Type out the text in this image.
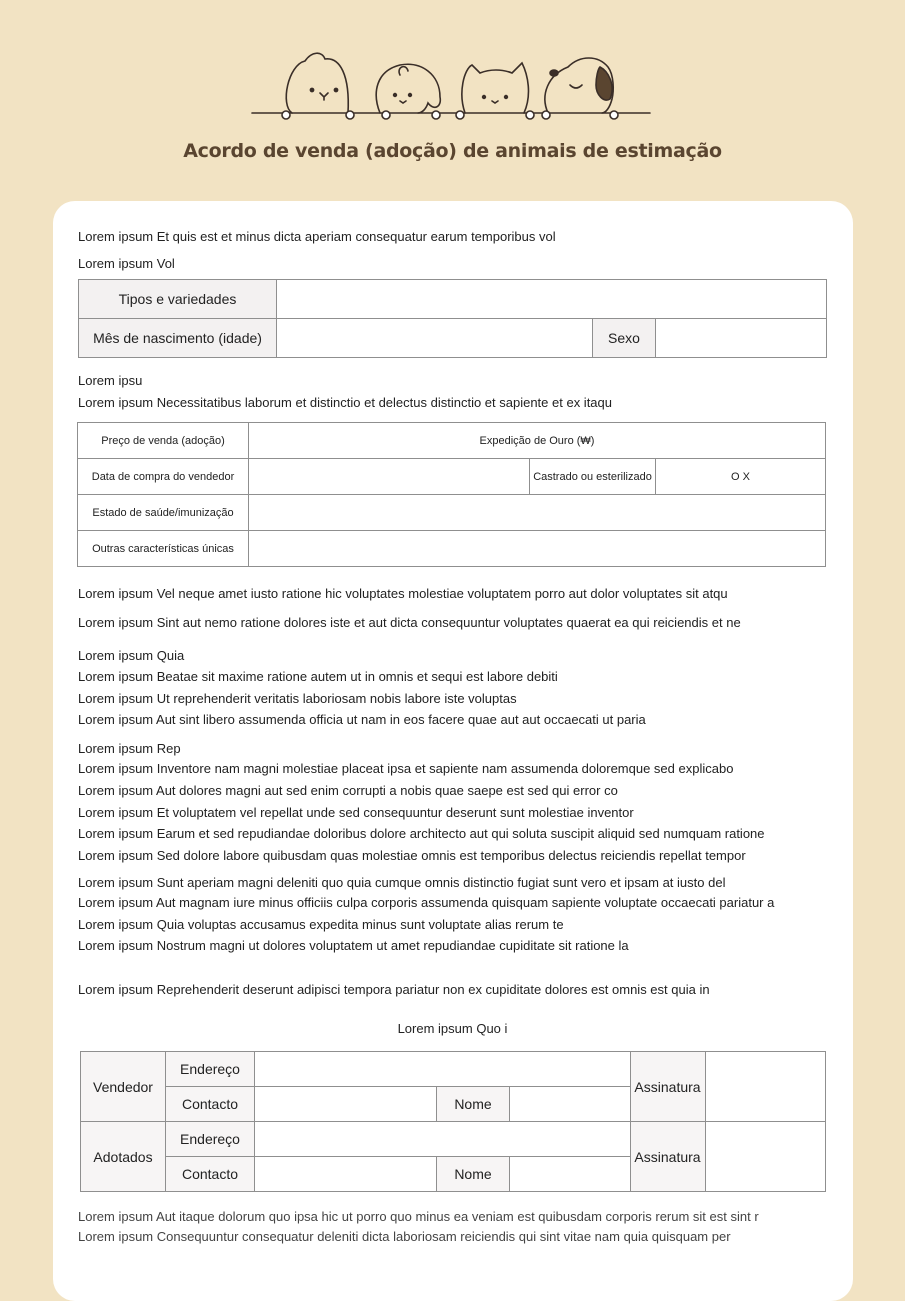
Acordo de venda (adoção) de animais de estimação
Lorem ipsum Et quis est et minus dicta aperiam consequatur earum temporibus vol
Lorem ipsum Vol
Tipos e variedades			
Mês de nascimento (idade)		Sexo	
Lorem ipsu
Lorem ipsum Necessitatibus laborum et distinctio et delectus distinctio et sapiente et ex itaqu
Preço de venda (adoção)	Expedição de Ouro (₩)		
Data de compra do vendedor		Castrado ou esterilizado	O X
Estado de saúde/imunização			
Outras características únicas			
Lorem ipsum Vel neque amet iusto ratione hic voluptates molestiae voluptatem porro aut dolor voluptates sit atqu
Lorem ipsum Sint aut nemo ratione dolores iste et aut dicta consequuntur voluptates quaerat ea qui reiciendis et ne
Lorem ipsum Quia
Lorem ipsum Beatae sit maxime ratione autem ut in omnis et sequi est labore debiti
Lorem ipsum Ut reprehenderit veritatis laboriosam nobis labore iste voluptas
Lorem ipsum Aut sint libero assumenda officia ut nam in eos facere quae aut aut occaecati ut paria
Lorem ipsum Rep
Lorem ipsum Inventore nam magni molestiae placeat ipsa et sapiente nam assumenda doloremque sed explicabo
Lorem ipsum Aut dolores magni aut sed enim corrupti a nobis quae saepe est sed qui error co
Lorem ipsum Et voluptatem vel repellat unde sed consequuntur deserunt sunt molestiae inventor
Lorem ipsum Earum et sed repudiandae doloribus dolore architecto aut qui soluta suscipit aliquid sed numquam ratione
Lorem ipsum Sed dolore labore quibusdam quas molestiae omnis est temporibus delectus reiciendis repellat tempor
Lorem ipsum Sunt aperiam magni deleniti quo quia cumque omnis distinctio fugiat sunt vero et ipsam at iusto del
Lorem ipsum Aut magnam iure minus officiis culpa corporis assumenda quisquam sapiente voluptate occaecati pariatur a
Lorem ipsum Quia voluptas accusamus expedita minus sunt voluptate alias rerum te
Lorem ipsum Nostrum magni ut dolores voluptatem ut amet repudiandae cupiditate sit ratione la
Lorem ipsum Reprehenderit deserunt adipisci tempora pariatur non ex cupiditate dolores est omnis est quia in
Lorem ipsum Quo i
Vendedor	Endereço				Assinatura	
	Contacto		Nome			
Adotados	Endereço				Assinatura	
	Contacto		Nome			
Lorem ipsum Aut itaque dolorum quo ipsa hic ut porro quo minus ea veniam est quibusdam corporis rerum sit est sint r
Lorem ipsum Consequuntur consequatur deleniti dicta laboriosam reiciendis qui sint vitae nam quia quisquam per
